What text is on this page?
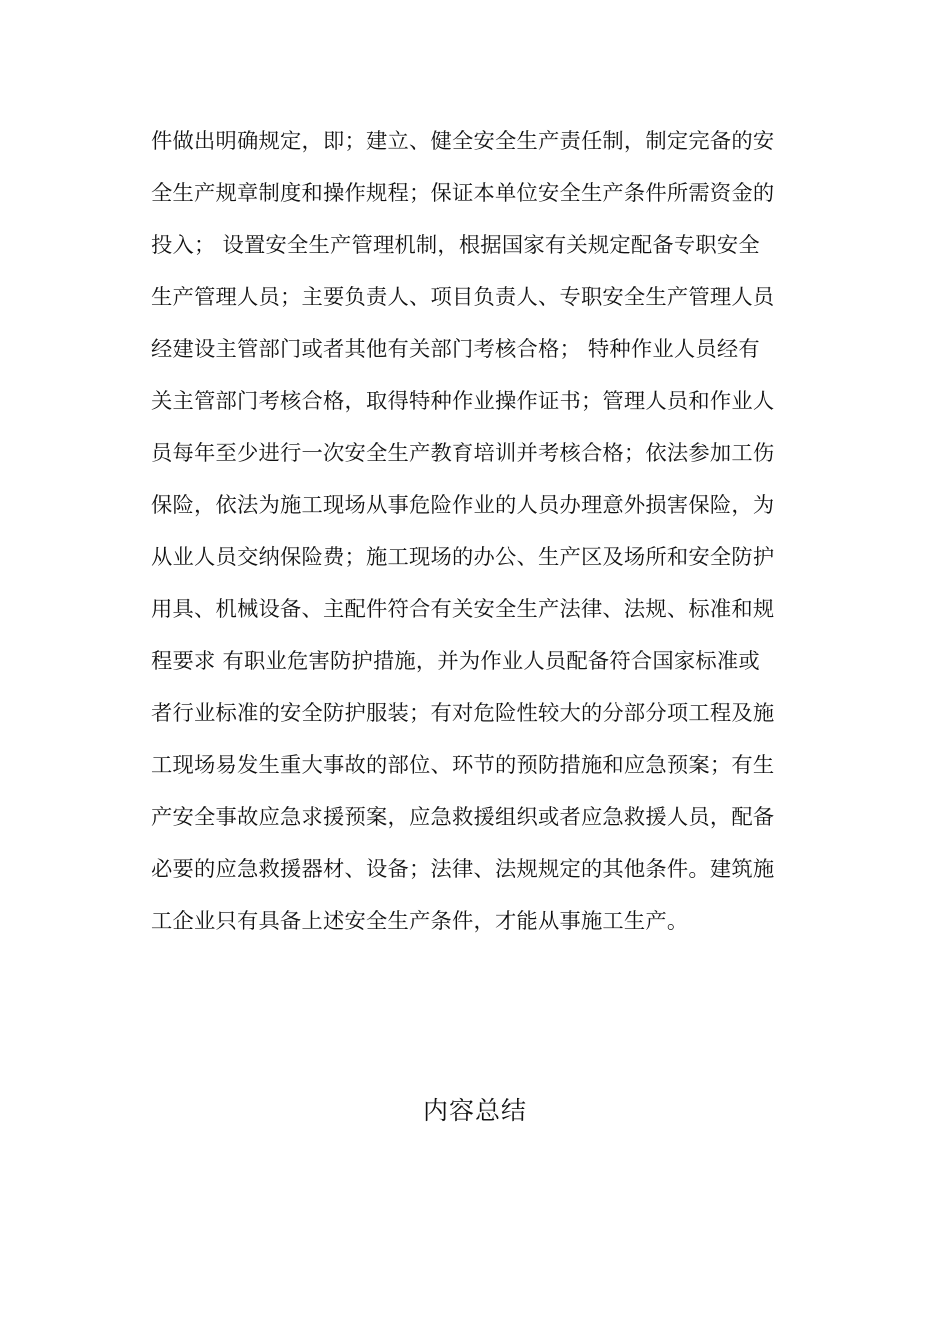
件做出明确规定，即；建立、健全安全生产责任制，制定完备的安
全生产规章制度和操作规程；保证本单位安全生产条件所需资金的
投入； 设置安全生产管理机制，根据国家有关规定配备专职安全
生产管理人员；主要负责人、项目负责人、专职安全生产管理人员
经建设主管部门或者其他有关部门考核合格； 特种作业人员经有
关主管部门考核合格，取得特种作业操作证书；管理人员和作业人
员每年至少进行一次安全生产教育培训并考核合格；依法参加工伤
保险，依法为施工现场从事危险作业的人员办理意外损害保险，为
从业人员交纳保险费；施工现场的办公、生产区及场所和安全防护
用具、机械设备、主配件符合有关安全生产法律、法规、标准和规
程要求 有职业危害防护措施，并为作业人员配备符合国家标准或
者行业标准的安全防护服装；有对危险性较大的分部分项工程及施
工现场易发生重大事故的部位、环节的预防措施和应急预案；有生
产安全事故应急求援预案，应急救援组织或者应急救援人员，配备
必要的应急救援器材、设备；法律、法规规定的其他条件。建筑施
工企业只有具备上述安全生产条件，才能从事施工生产。
内容总结
